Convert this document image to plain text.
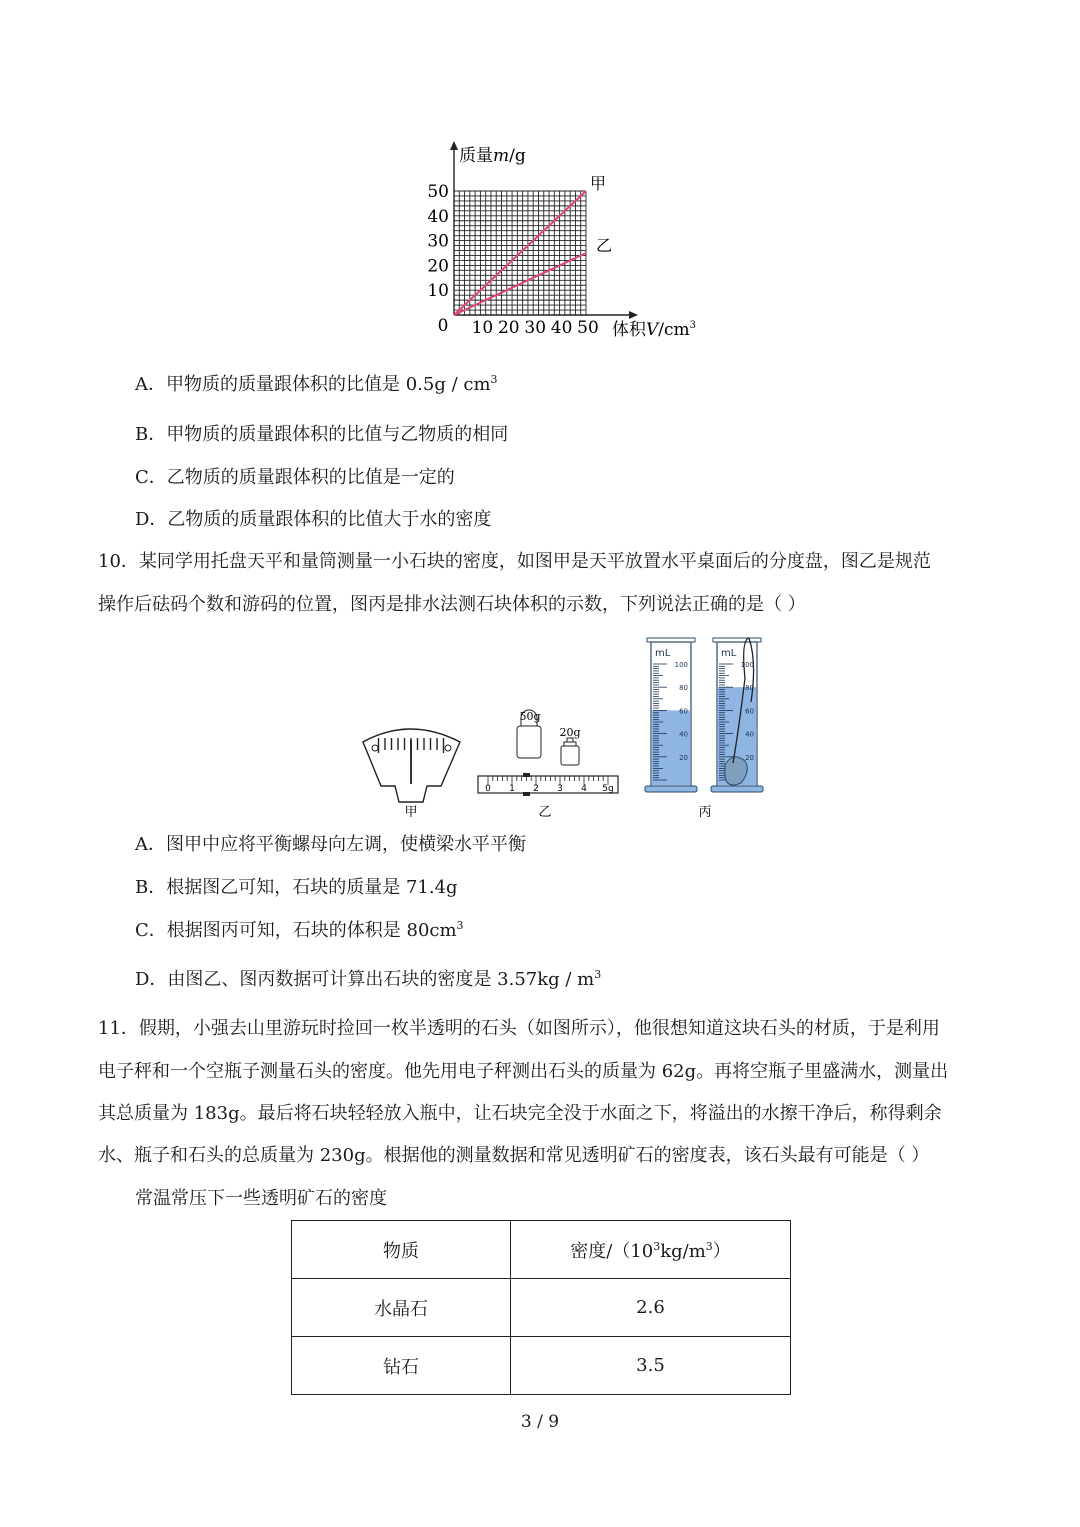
甲
乙
10
20
30
40
50
10 20 30 40 50
0
质量m/g
体积$V/cm^3$
A．甲物质的质量跟体积的比值是 $0.5g / cm^3$
B．甲物质的质量跟体积的比值与乙物质的相同
C．乙物质的质量跟体积的比值是一定的
D．乙物质的质量跟体积的比值大于水的密度
10．某同学用托盘天平和量筒测量一小石块的密度，如图甲是天平放置水平桌面后的分度盘，图乙是规范
操作后砝码个数和游码的位置，图丙是排水法测石块体积的示数，下列说法正确的是（ ）
甲
50g
20g
0 1 2 3 4 5g
乙
mL
100
80
60
40
20
mL
100
80
60
40
20
丙
A．图甲中应将平衡螺母向左调，使横梁水平平衡
B．根据图乙可知，石块的质量是 71.4g
C．根据图丙可知，石块的体积是 $80cm^3$
D．由图乙、图丙数据可计算出石块的密度是 $3.57kg / m^3$
11．假期，小强去山里游玩时捡回一枚半透明的石头（如图所示），他很想知道这块石头的材质，于是利用
电子秤和一个空瓶子测量石头的密度。他先用电子秤测出石头的质量为 62g。再将空瓶子里盛满水，测量出
其总质量为 183g。最后将石块轻轻放入瓶中，让石块完全没于水面之下，将溢出的水擦干净后，称得剩余
水、瓶子和石头的总质量为 230g。根据他的测量数据和常见透明矿石的密度表，该石头最有可能是（ ）
常温常压下一些透明矿石的密度
物质	密度$/(10^3kg/m^3)$
水晶石	2.6
钻石	3.5
3 / 9
